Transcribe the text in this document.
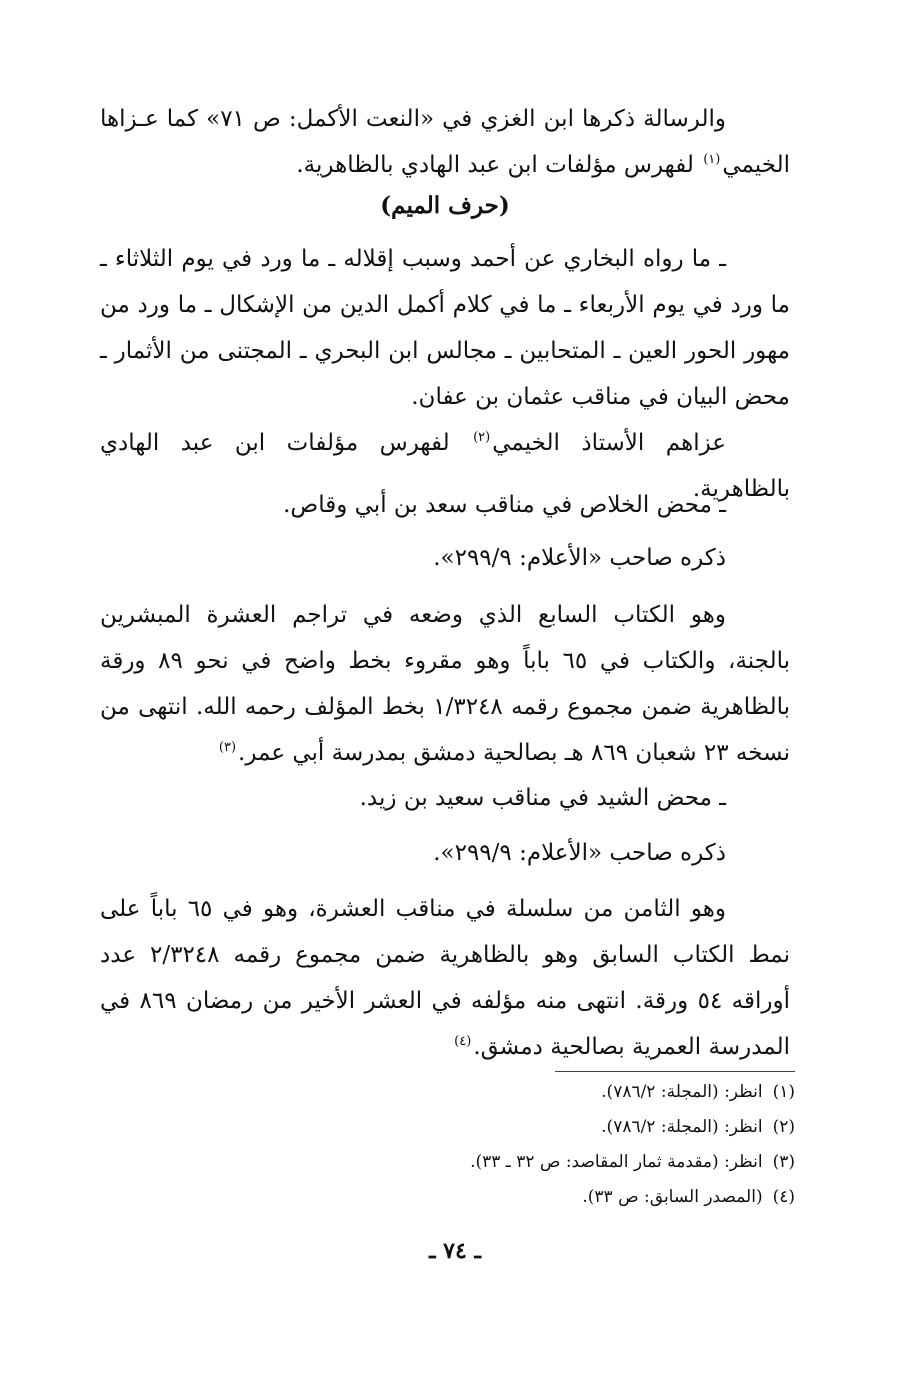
والرسالة ذكرها ابن الغزي في «النعت الأكمل: ص ٧١» كما عـزاها الخيمي$^{(١)}$ لفهرس مؤلفات ابن عبد الهادي بالظاهرية.
(حرف الميم)
ـ ما رواه البخاري عن أحمد وسبب إقلاله ـ ما ورد في يوم الثلاثاء ـ ما ورد في يوم الأربعاء ـ ما في كلام أكمل الدين من الإشكال ـ ما ورد من مهور الحور العين ـ المتحابين ـ مجالس ابن البحري ـ المجتنى من الأثمار ـ محض البيان في مناقب عثمان بن عفان.
عزاهم الأستاذ الخيمي$^{(٢)}$ لفهرس مؤلفات ابن عبد الهادي بالظاهرية.
ـ محض الخلاص في مناقب سعد بن أبي وقاص.
ذكره صاحب «الأعلام: ٢٩٩/٩».
وهو الكتاب السابع الذي وضعه في تراجم العشرة المبشرين بالجنة، والكتاب في ٦٥ باباً وهو مقروء بخط واضح في نحو ٨٩ ورقة بالظاهرية ضمن مجموع رقمه ١/٣٢٤٨ بخط المؤلف رحمه الله. انتهى من نسخه ٢٣ شعبان ٨٦٩ هـ بصالحية دمشق بمدرسة أبي عمر.$^{(٣)}$
ـ محض الشيد في مناقب سعيد بن زيد.
ذكره صاحب «الأعلام: ٢٩٩/٩».
وهو الثامن من سلسلة في مناقب العشرة، وهو في ٦٥ باباً على نمط الكتاب السابق وهو بالظاهرية ضمن مجموع رقمه ٢/٣٢٤٨ عدد أوراقه ٥٤ ورقة. انتهى منه مؤلفه في العشر الأخير من رمضان ٨٦٩ في المدرسة العمرية بصالحية دمشق.$^{(٤)}$
(١)انظر: (المجلة: ٧٨٦/٢).
(٢)انظر: (المجلة: ٧٨٦/٢).
(٣)انظر: (مقدمة ثمار المقاصد: ص ٣٢ ـ ٣٣).
(٤)(المصدر السابق: ص ٣٣).
ـ ٧٤ ـ
